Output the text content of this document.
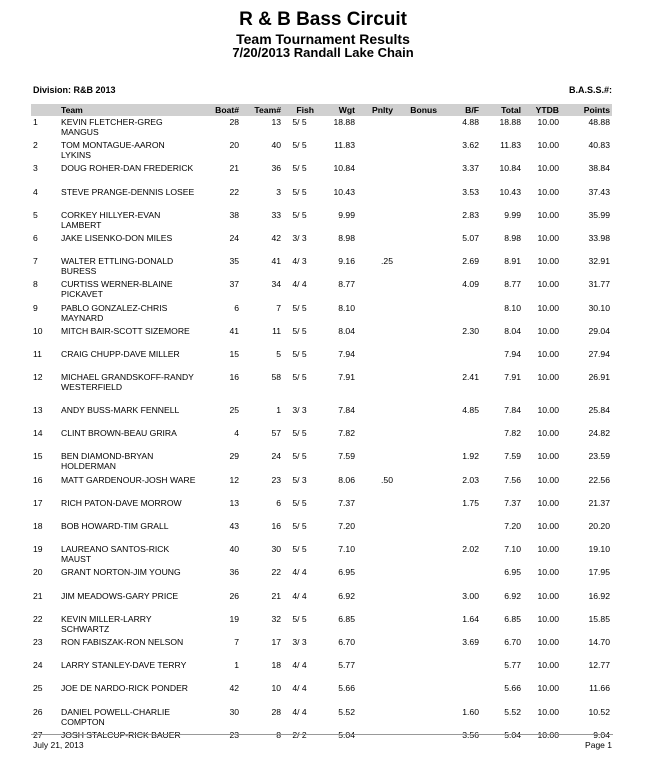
R & B Bass Circuit
Team Tournament Results
7/20/2013 Randall Lake Chain
Division: R&B 2013	B.A.S.S.#:
	Team	Boat#	Team#	Fish	Wgt	Pnlty	Bonus	B/F	Total	YTDB	Points
1	KEVIN FLETCHER-GREG MANGUS	28	13	5/ 5	18.88			4.88	18.88	10.00	48.88
2	TOM MONTAGUE-AARON LYKINS	20	40	5/ 5	11.83			3.62	11.83	10.00	40.83
3	DOUG ROHER-DAN FREDERICK	21	36	5/ 5	10.84			3.37	10.84	10.00	38.84
4	STEVE PRANGE-DENNIS LOSEE	22	3	5/ 5	10.43			3.53	10.43	10.00	37.43
5	CORKEY HILLYER-EVAN LAMBERT	38	33	5/ 5	9.99			2.83	9.99	10.00	35.99
6	JAKE LISENKO-DON MILES	24	42	3/ 3	8.98			5.07	8.98	10.00	33.98
7	WALTER ETTLING-DONALD BURESS	35	41	4/ 3	9.16	.25		2.69	8.91	10.00	32.91
8	CURTISS WERNER-BLAINE PICKAVET	37	34	4/ 4	8.77			4.09	8.77	10.00	31.77
9	PABLO GONZALEZ-CHRIS MAYNARD	6	7	5/ 5	8.10				8.10	10.00	30.10
10	MITCH BAIR-SCOTT SIZEMORE	41	11	5/ 5	8.04			2.30	8.04	10.00	29.04
11	CRAIG CHUPP-DAVE MILLER	15	5	5/ 5	7.94				7.94	10.00	27.94
12	MICHAEL GRANDSKOFF-RANDY WESTERFIELD	16	58	5/ 5	7.91			2.41	7.91	10.00	26.91
13	ANDY BUSS-MARK FENNELL	25	1	3/ 3	7.84			4.85	7.84	10.00	25.84
14	CLINT BROWN-BEAU GRIRA	4	57	5/ 5	7.82				7.82	10.00	24.82
15	BEN DIAMOND-BRYAN HOLDERMAN	29	24	5/ 5	7.59			1.92	7.59	10.00	23.59
16	MATT GARDENOUR-JOSH WARE	12	23	5/ 3	8.06	.50		2.03	7.56	10.00	22.56
17	RICH PATON-DAVE MORROW	13	6	5/ 5	7.37			1.75	7.37	10.00	21.37
18	BOB HOWARD-TIM GRALL	43	16	5/ 5	7.20				7.20	10.00	20.20
19	LAUREANO SANTOS-RICK MAUST	40	30	5/ 5	7.10			2.02	7.10	10.00	19.10
20	GRANT NORTON-JIM YOUNG	36	22	4/ 4	6.95				6.95	10.00	17.95
21	JIM MEADOWS-GARY PRICE	26	21	4/ 4	6.92			3.00	6.92	10.00	16.92
22	KEVIN MILLER-LARRY SCHWARTZ	19	32	5/ 5	6.85			1.64	6.85	10.00	15.85
23	RON FABISZAK-RON NELSON	7	17	3/ 3	6.70			3.69	6.70	10.00	14.70
24	LARRY STANLEY-DAVE TERRY	1	18	4/ 4	5.77				5.77	10.00	12.77
25	JOE DE NARDO-RICK PONDER	42	10	4/ 4	5.66				5.66	10.00	11.66
26	DANIEL POWELL-CHARLIE COMPTON	30	28	4/ 4	5.52			1.60	5.52	10.00	10.52
27	JOSH STALCUP-RICK BAUER	23	8	2/ 2	5.04			3.56	5.04	10.00	9.04
July 21, 2013	Page 1
